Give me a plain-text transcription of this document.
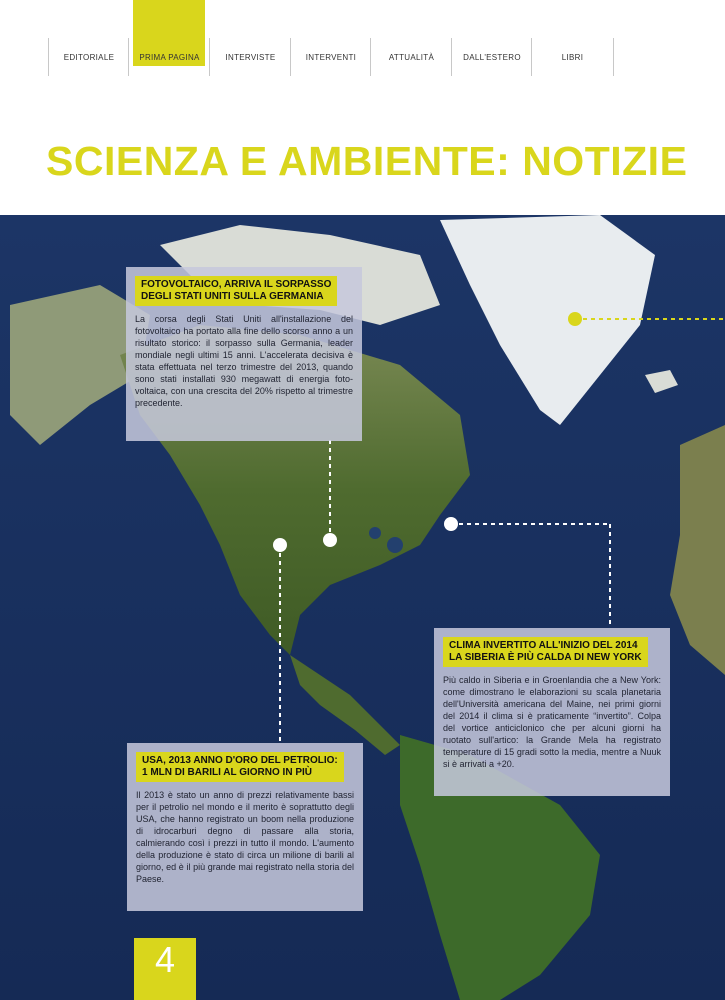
EDITORIALE	PRIMA PAGINA	INTERVISTE	INTERVENTI	ATTUALITÀ	DALL'ESTERO	LIBRI
SCIENZA E AMBIENTE: NOTIZIE
FOTOVOLTAICO, ARRIVA IL SORPASSO
DEGLI STATI UNITI SULLA GERMANIA
La corsa degli Stati Uniti all'installazione del fotovoltaico ha portato alla fine dello scorso anno a un risultato storico: il sorpasso sulla Germania, leader mondiale negli ultimi 15 anni. L'accelerata decisiva è stata effettuata nel terzo trimestre del 2013, quando sono stati installati 930 megawatt di energia foto-voltaica, con una crescita del 20% rispetto al trimestre precedente.
CLIMA INVERTITO ALL'INIZIO DEL 2014
LA SIBERIA È PIÙ CALDA DI NEW YORK
Più caldo in Siberia e in Groenlandia che a New York: come dimostrano le elaborazioni su scala planetaria dell'Università americana del Maine, nei primi giorni del 2014 il clima si è praticamente “invertito”. Colpa del vortice anticiclonico che per alcuni giorni ha ruotato sull'artico: la Grande Mela ha registrato temperature di 15 gradi sotto la media, mentre a Nuuk si è arrivati a +20.
USA, 2013 ANNO D'ORO DEL PETROLIO:
1 MLN DI BARILI AL GIORNO IN PIÙ
Il 2013 è stato un anno di prezzi relativamente bassi per il petrolio nel mondo e il merito è soprattutto degli USA, che hanno registrato un boom nella produzione di idrocarburi degno di passare alla storia, calmierando così i prezzi in tutto il mondo. L'aumento della produzione è stato di circa un milione di barili al giorno, ed è il più grande mai registrato nella storia del Paese.
4
